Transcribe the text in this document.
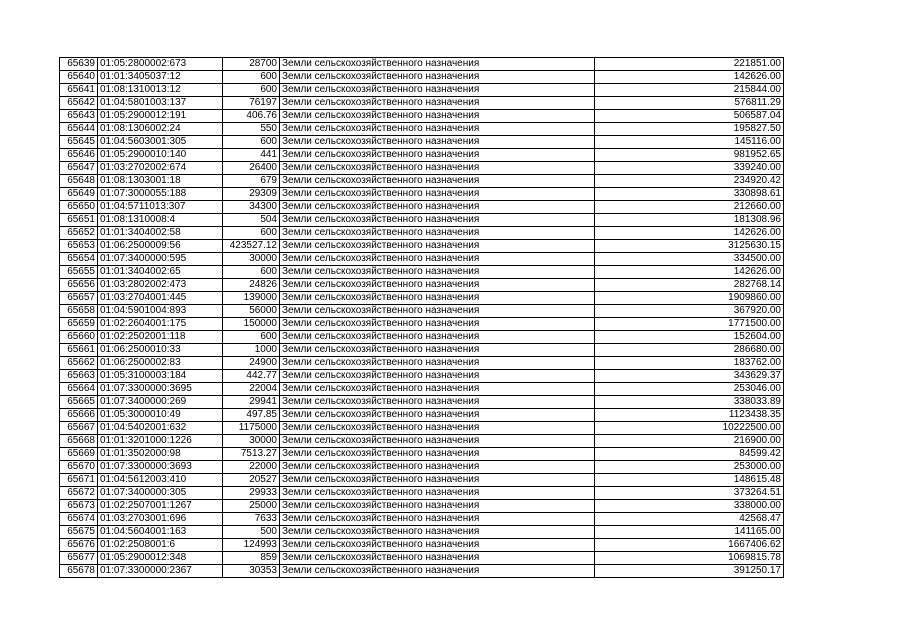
65639	01:05:2800002:673	28700	Земли сельскохозяйственного назначения	221851.00
65640	01:01:3405037:12	600	Земли сельскохозяйственного назначения	142626.00
65641	01:08:1310013:12	600	Земли сельскохозяйственного назначения	215844.00
65642	01:04:5801003:137	76197	Земли сельскохозяйственного назначения	576811.29
65643	01:05:2900012:191	406.76	Земли сельскохозяйственного назначения	506587.04
65644	01:08:1306002:24	550	Земли сельскохозяйственного назначения	195827.50
65645	01:04:5603001:305	600	Земли сельскохозяйственного назначения	145116.00
65646	01:05:2900010:140	441	Земли сельскохозяйственного назначения	981952.65
65647	01:03:2702002:674	26400	Земли сельскохозяйственного назначения	339240.00
65648	01:08:1303001:18	679	Земли сельскохозяйственного назначения	234920.42
65649	01:07:3000055:188	29309	Земли сельскохозяйственного назначения	330898.61
65650	01:04:5711013:307	34300	Земли сельскохозяйственного назначения	212660.00
65651	01:08:1310008:4	504	Земли сельскохозяйственного назначения	181308.96
65652	01:01:3404002:58	600	Земли сельскохозяйственного назначения	142626.00
65653	01:06:2500009:56	423527.12	Земли сельскохозяйственного назначения	3125630.15
65654	01:07:3400000:595	30000	Земли сельскохозяйственного назначения	334500.00
65655	01:01:3404002:65	600	Земли сельскохозяйственного назначения	142626.00
65656	01:03:2802002:473	24826	Земли сельскохозяйственного назначения	282768.14
65657	01:03:2704001:445	139000	Земли сельскохозяйственного назначения	1909860.00
65658	01:04:5901004:893	56000	Земли сельскохозяйственного назначения	367920.00
65659	01:02:2604001:175	150000	Земли сельскохозяйственного назначения	1771500.00
65660	01:02:2502001:118	600	Земли сельскохозяйственного назначения	152604.00
65661	01:06:2500010:33	1000	Земли сельскохозяйственного назначения	286680.00
65662	01:06:2500002:83	24900	Земли сельскохозяйственного назначения	183762.00
65663	01:05:3100003:184	442.77	Земли сельскохозяйственного назначения	343629.37
65664	01:07:3300000:3695	22004	Земли сельскохозяйственного назначения	253046.00
65665	01:07:3400000:269	29941	Земли сельскохозяйственного назначения	338033.89
65666	01:05:3000010:49	497.85	Земли сельскохозяйственного назначения	1123438.35
65667	01:04:5402001:632	1175000	Земли сельскохозяйственного назначения	10222500.00
65668	01:01:3201000:1226	30000	Земли сельскохозяйственного назначения	216900.00
65669	01:01:3502000:98	7513.27	Земли сельскохозяйственного назначения	84599.42
65670	01:07:3300000:3693	22000	Земли сельскохозяйственного назначения	253000.00
65671	01:04:5612003:410	20527	Земли сельскохозяйственного назначения	148615.48
65672	01:07:3400000:305	29933	Земли сельскохозяйственного назначения	373264.51
65673	01:02:2507001:1267	25000	Земли сельскохозяйственного назначения	338000.00
65674	01:03:2703001:696	7633	Земли сельскохозяйственного назначения	42568.47
65675	01:04:5604001:163	500	Земли сельскохозяйственного назначения	141165.00
65676	01:02:2508001:6	124993	Земли сельскохозяйственного назначения	1667406.62
65677	01:05:2900012:348	859	Земли сельскохозяйственного назначения	1069815.78
65678	01:07:3300000:2367	30353	Земли сельскохозяйственного назначения	391250.17
